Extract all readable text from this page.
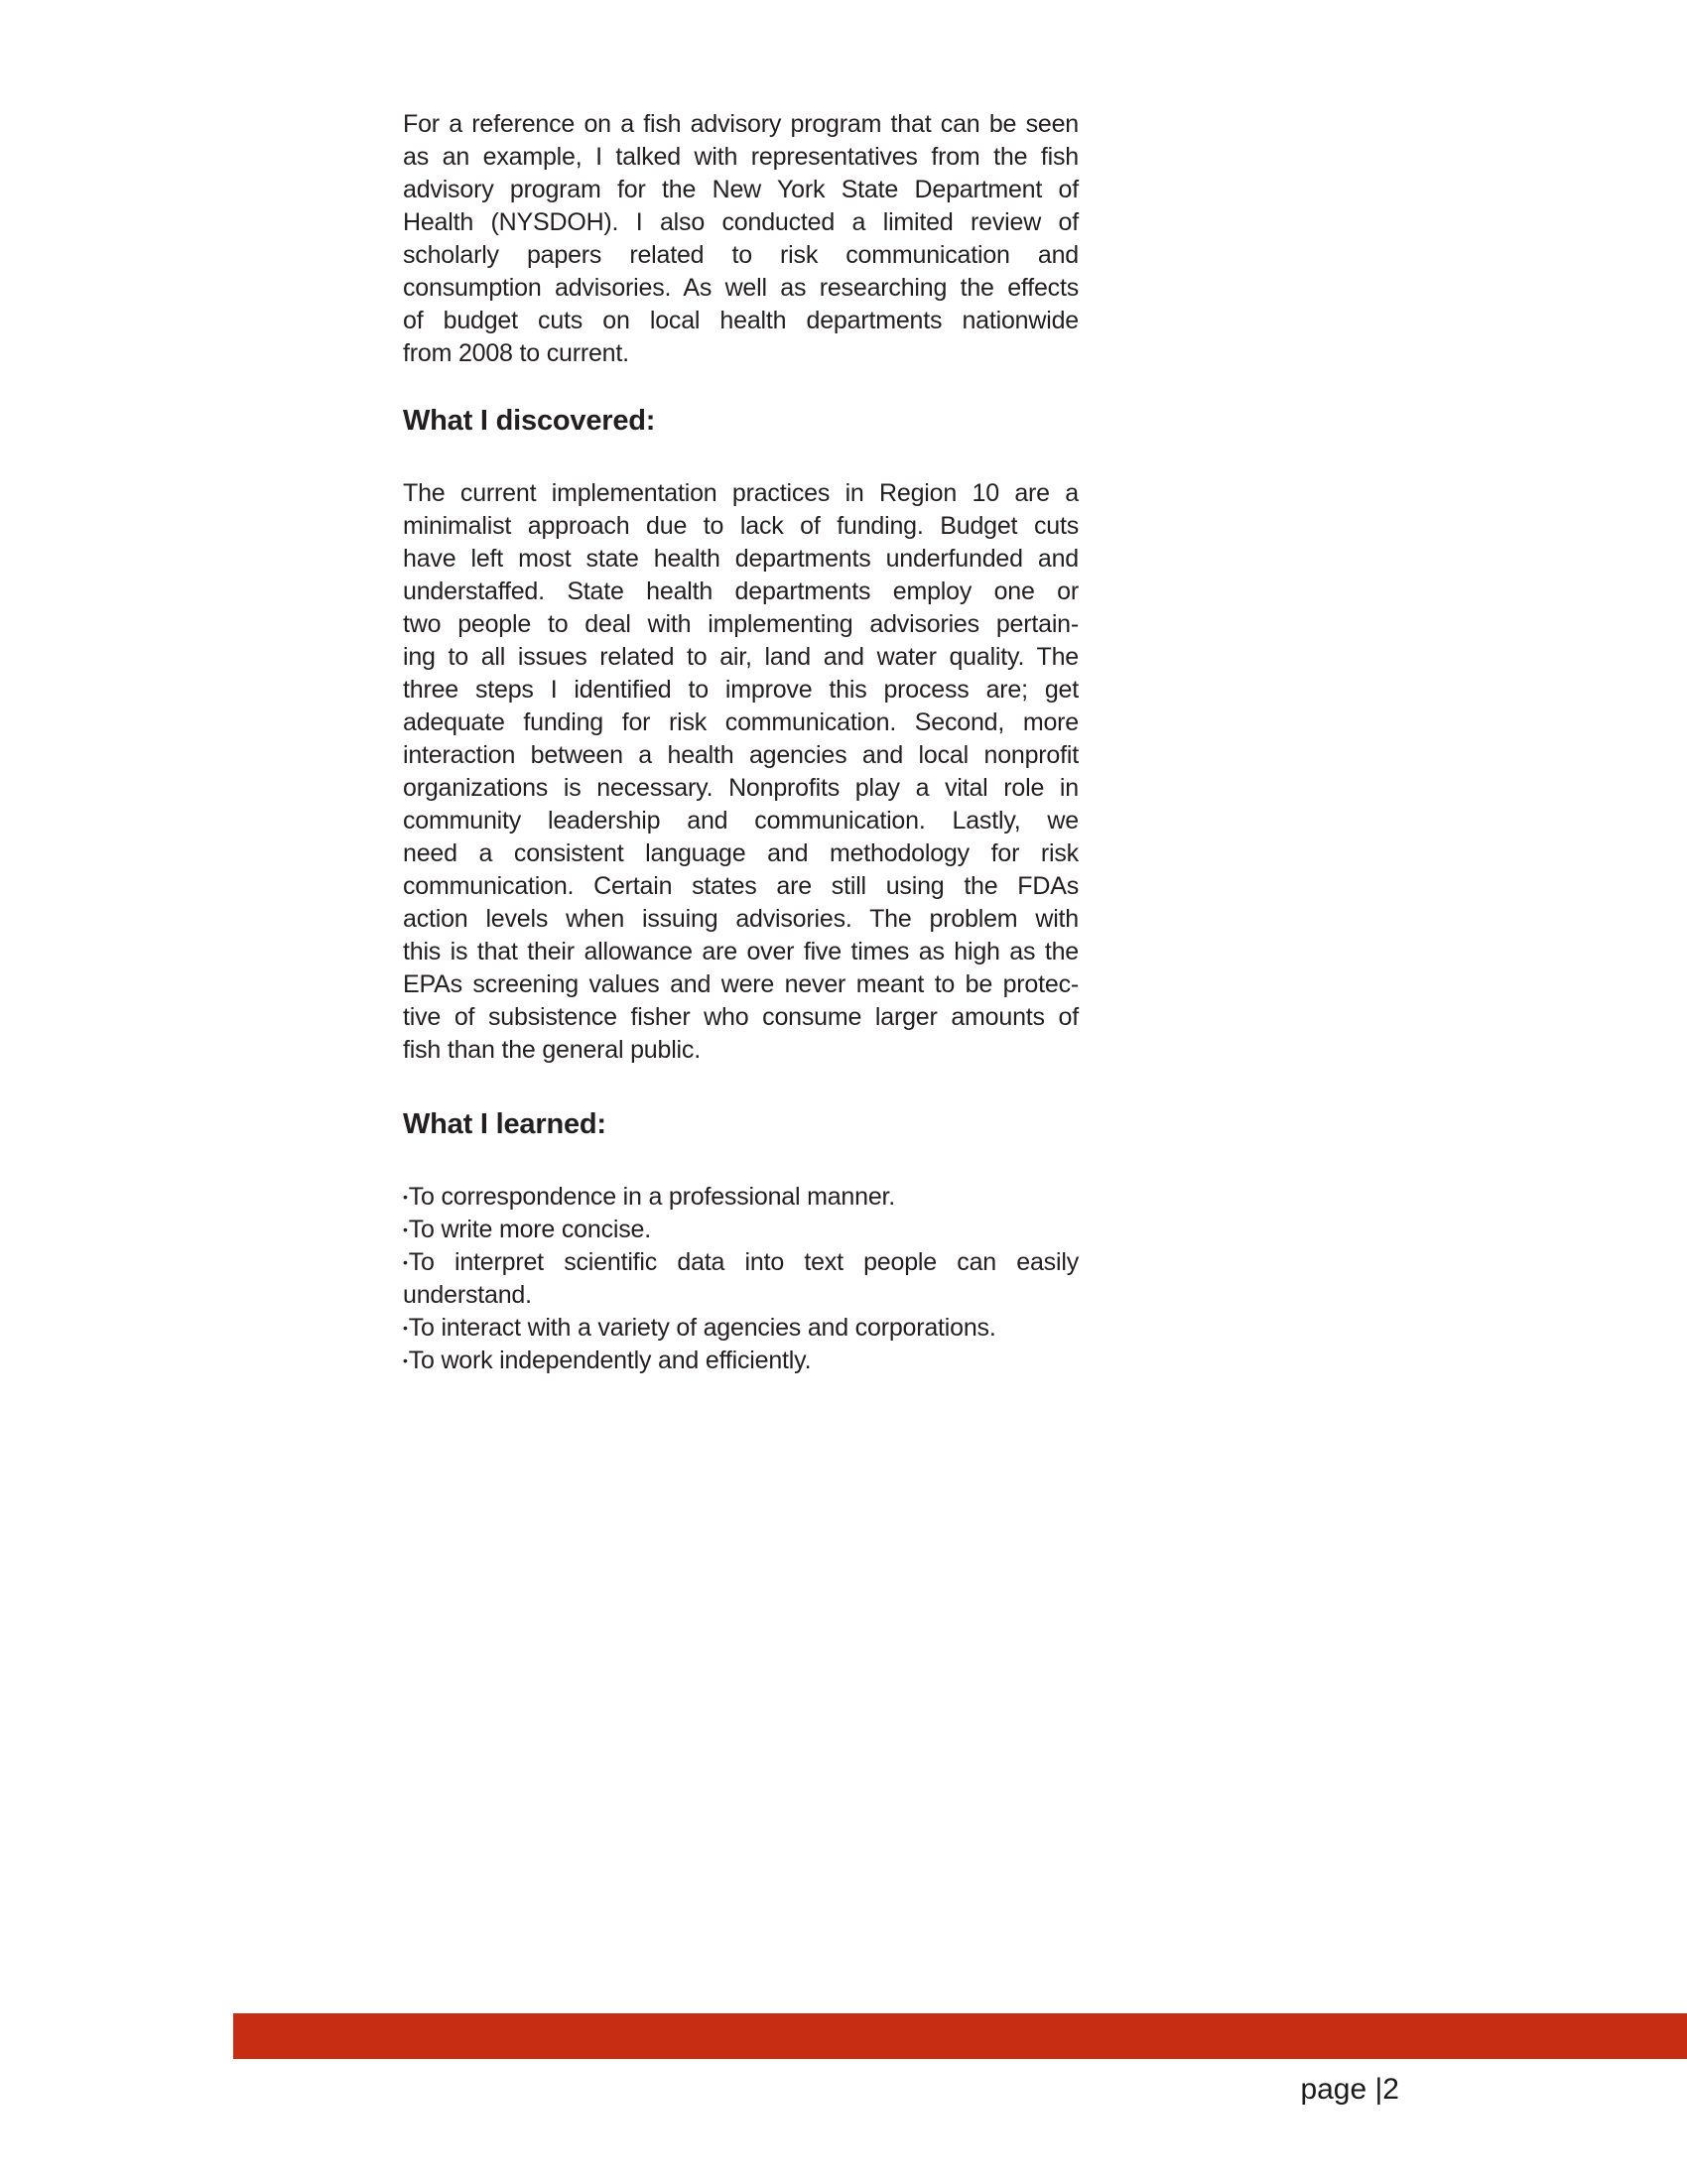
For a reference on a fish advisory program that can be seen
as an example, I talked with representatives from the fish
advisory program for the New York State Department of
Health (NYSDOH). I also conducted a limited review of
scholarly papers related to risk communication and
consumption advisories. As well as researching the effects
of budget cuts on local health departments nationwide
from 2008 to current.
What I discovered:
The current implementation practices in Region 10 are a
minimalist approach due to lack of funding. Budget cuts
have left most state health departments underfunded and
understaffed. State health departments employ one or
two people to deal with implementing advisories pertain-
ing to all issues related to air, land and water quality. The
three steps I identified to improve this process are; get
adequate funding for risk communication. Second, more
interaction between a health agencies and local nonprofit
organizations is necessary. Nonprofits play a vital role in
community leadership and communication. Lastly, we
need a consistent language and methodology for risk
communication. Certain states are still using the FDAs
action levels when issuing advisories. The problem with
this is that their allowance are over five times as high as the
EPAs screening values and were never meant to be protec-
tive of subsistence fisher who consume larger amounts of
fish than the general public.
What I learned:
•To correspondence in a professional manner.
•To write more concise.
•To interpret scientific data into text people can easily
understand.
•To interact with a variety of agencies and corporations.
•To work independently and efficiently.
page |2
